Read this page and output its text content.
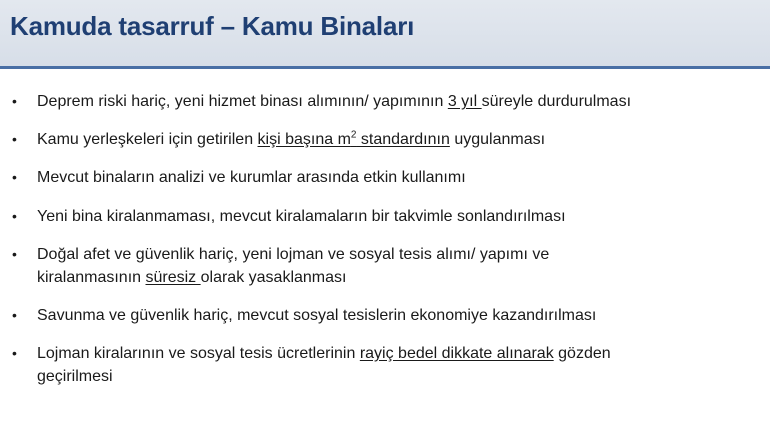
Kamuda tasarruf – Kamu Binaları
• Deprem riski hariç, yeni hizmet binası alımının/ yapımının 3 yıl süreyle durdurulması
• Kamu yerleşkeleri için getirilen kişi başına $m^2$ standardının uygulanması
• Mevcut binaların analizi ve kurumlar arasında etkin kullanımı
• Yeni bina kiralanmaması, mevcut kiralamaların bir takvimle sonlandırılması
• Doğal afet ve güvenlik hariç, yeni lojman ve sosyal tesis alımı/ yapımı ve
kiralanmasının süresiz olarak yasaklanması
• Savunma ve güvenlik hariç, mevcut sosyal tesislerin ekonomiye kazandırılması
• Lojman kiralarının ve sosyal tesis ücretlerinin rayiç bedel dikkate alınarak gözden
geçirilmesi
